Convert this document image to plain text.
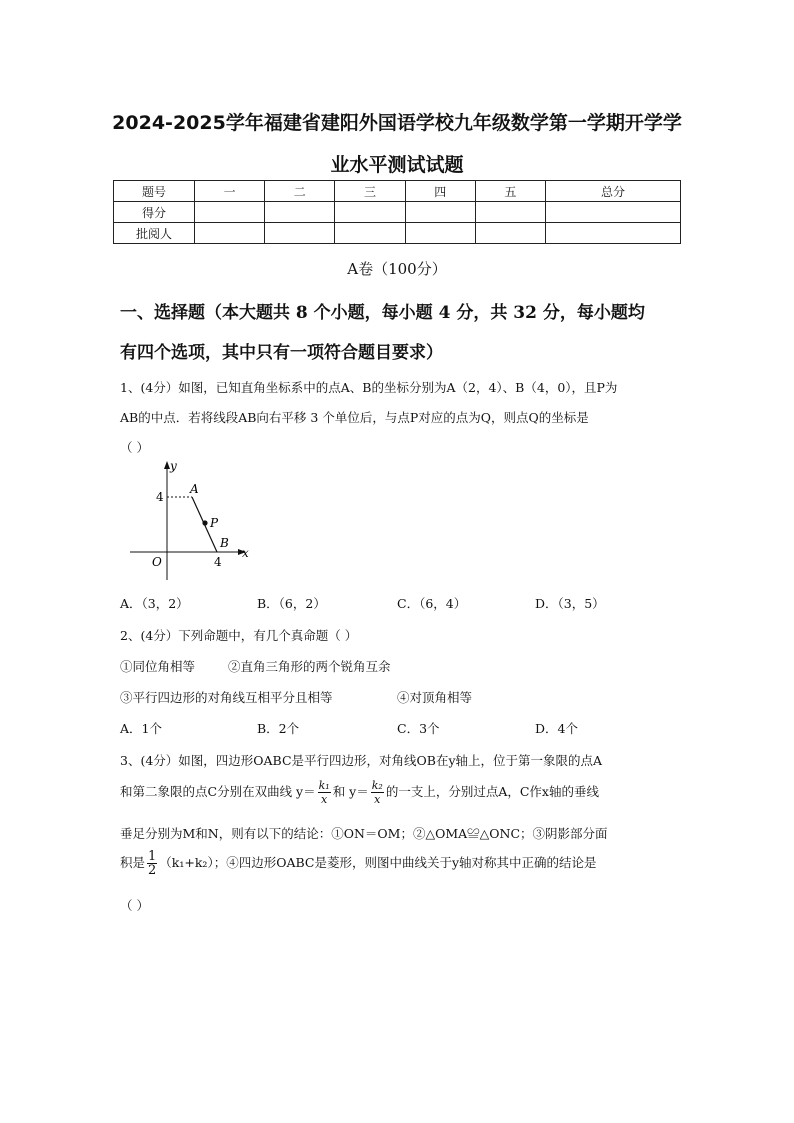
2024-2025学年福建省建阳外国语学校九年级数学第一学期开学学
业水平测试试题
题号	一	二	三	四	五	总分
得分						
批阅人						
A卷（100分）
一、选择题（本大题共 8 个小题，每小题 4 分，共 32 分，每小题均
有四个选项，其中只有一项符合题目要求）
1、(4分）如图，已知直角坐标系中的点A、B的坐标分别为A（2，4）、B（4，0），且P为
AB的中点．若将线段AB向右平移 3 个单位后，与点P对应的点为Q，则点Q的坐标是
（ ）
y
x
O
4
4
A
P
B
A．（3，2）	B．（6，2）	C．（6，4）	D．（3，5）
2、(4分）下列命题中，有几个真命题（ ）
①同位角相等	②直角三角形的两个锐角互余
③平行四边形的对角线互相平分且相等	④对顶角相等
A．1个	B．2个	C．3个	D．4个
3、(4分）如图，四边形OABC是平行四边形，对角线OB在y轴上，位于第一象限的点A
和第二象限的点C分别在双曲线 $y= \frac{\text{k₁}}{x}$ 和 $y= \frac{\text{k₂}}{x}$ 的一支上，分别过点A，C作x轴的垂线
垂足分别为M和N，则有以下的结论：①ON＝OM；②△OMA≌△ONC；③阴影部分面
积是 $\frac{1}{2} (k_1+k_2)$；④四边形OABC是菱形，则图中曲线关于y轴对称其中正确的结论是
（ ）
